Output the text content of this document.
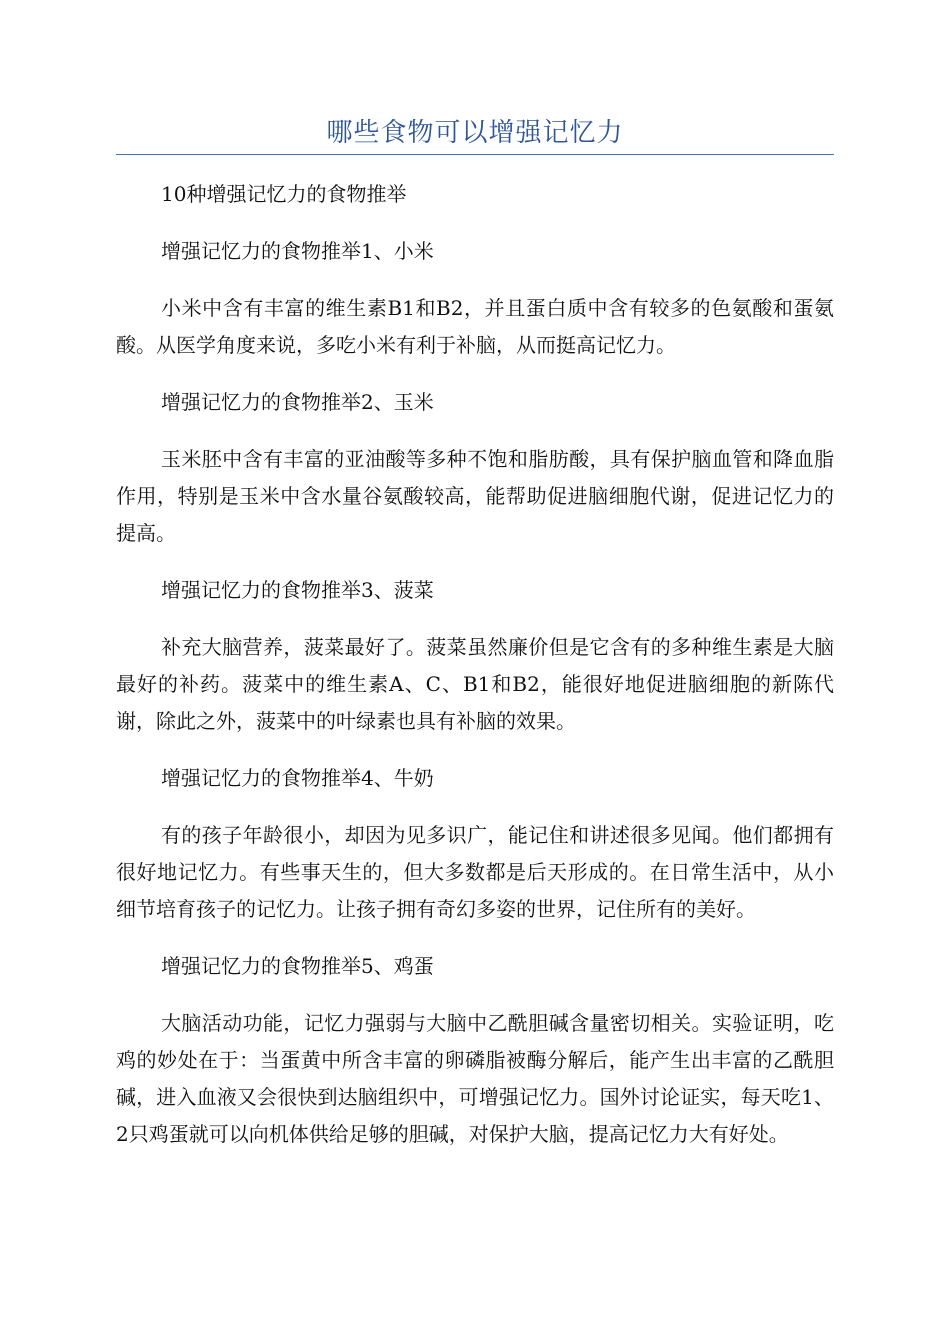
哪些食物可以增强记忆力

10种增强记忆力的食物推举

增强记忆力的食物推举1、小米

小米中含有丰富的维生素B1和B2，并且蛋白质中含有较多的色氨酸和蛋氨酸。从医学角度来说，多吃小米有利于补脑，从而挺高记忆力。

增强记忆力的食物推举2、玉米

玉米胚中含有丰富的亚油酸等多种不饱和脂肪酸，具有保护脑血管和降血脂作用，特别是玉米中含水量谷氨酸较高，能帮助促进脑细胞代谢，促进记忆力的提高。

增强记忆力的食物推举3、菠菜

补充大脑营养，菠菜最好了。菠菜虽然廉价但是它含有的多种维生素是大脑最好的补药。菠菜中的维生素A、C、B1和B2，能很好地促进脑细胞的新陈代谢，除此之外，菠菜中的叶绿素也具有补脑的效果。

增强记忆力的食物推举4、牛奶

有的孩子年龄很小，却因为见多识广，能记住和讲述很多见闻。他们都拥有很好地记忆力。有些事天生的，但大多数都是后天形成的。在日常生活中，从小细节培育孩子的记忆力。让孩子拥有奇幻多姿的世界，记住所有的美好。

增强记忆力的食物推举5、鸡蛋

大脑活动功能，记忆力强弱与大脑中乙酰胆碱含量密切相关。实验证明，吃鸡的妙处在于：当蛋黄中所含丰富的卵磷脂被酶分解后，能产生出丰富的乙酰胆碱，进入血液又会很快到达脑组织中，可增强记忆力。国外讨论证实，每天吃1、2只鸡蛋就可以向机体供给足够的胆碱，对保护大脑，提高记忆力大有好处。
